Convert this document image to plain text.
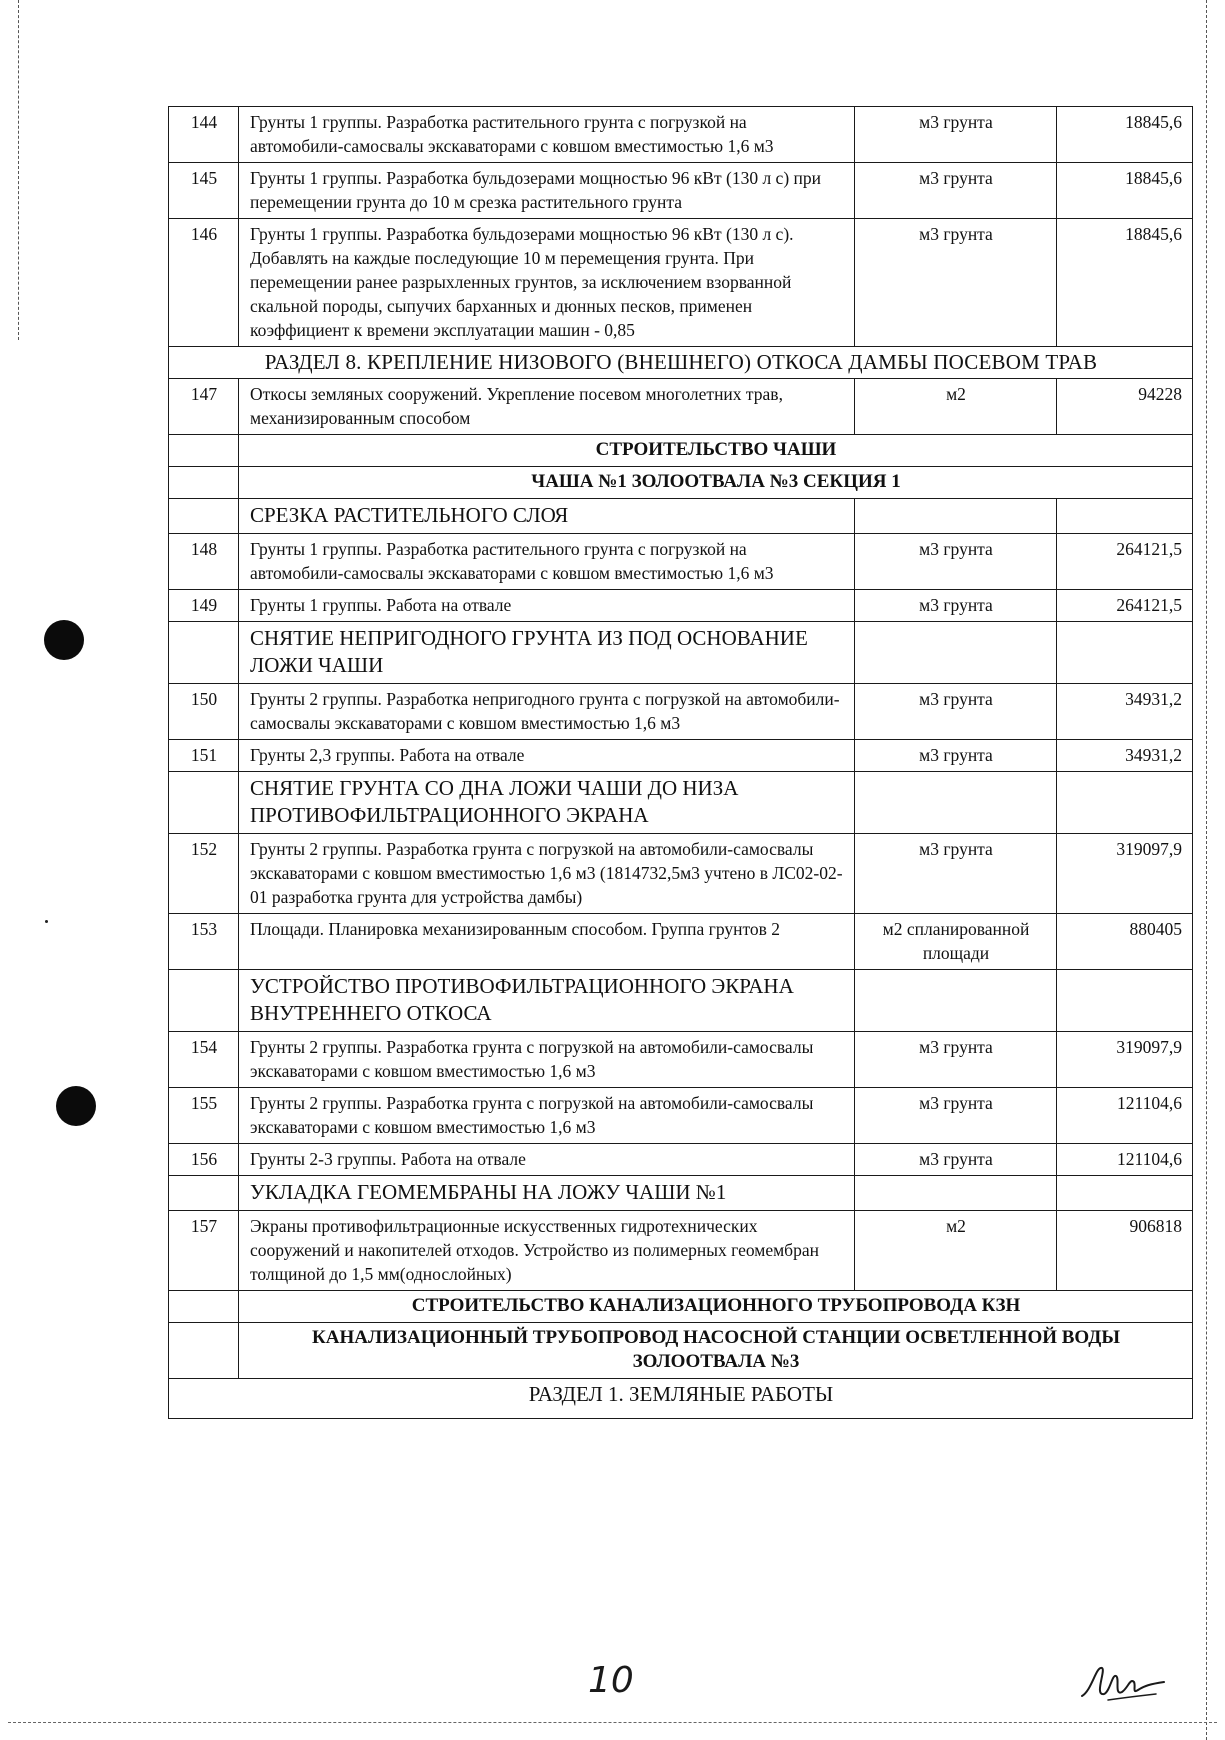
144	Грунты 1 группы. Разработка растительного грунта с погрузкой на автомобили-самосвалы экскаваторами с ковшом вместимостью 1,6 м3	м3 грунта	18845,6
145	Грунты 1 группы. Разработка бульдозерами мощностью 96 кВт (130 л с) при перемещении грунта до 10 м срезка растительного грунта	м3 грунта	18845,6
146	Грунты 1 группы. Разработка бульдозерами мощностью 96 кВт (130 л с). Добавлять на каждые последующие 10 м перемещения грунта. При перемещении ранее разрыхленных грунтов, за исключением взорванной скальной породы, сыпучих барханных и дюнных песков, применен коэффициент к времени эксплуатации машин - 0,85	м3 грунта	18845,6
РАЗДЕЛ 8. КРЕПЛЕНИЕ НИЗОВОГО (ВНЕШНЕГО) ОТКОСА ДАМБЫ ПОСЕВОМ ТРАВ			
147	Откосы земляных сооружений. Укрепление посевом многолетних трав, механизированным способом	м2	94228
	СТРОИТЕЛЬСТВО ЧАШИ		
	ЧАША №1 ЗОЛООТВАЛА №3 СЕКЦИЯ 1		
	СРЕЗКА РАСТИТЕЛЬНОГО СЛОЯ		
148	Грунты 1 группы. Разработка растительного грунта с погрузкой на автомобили-самосвалы экскаваторами с ковшом вместимостью 1,6 м3	м3 грунта	264121,5
149	Грунты 1 группы. Работа на отвале	м3 грунта	264121,5
	СНЯТИЕ НЕПРИГОДНОГО ГРУНТА ИЗ ПОД ОСНОВАНИЕ ЛОЖИ ЧАШИ		
150	Грунты 2 группы. Разработка непригодного грунта с погрузкой на автомобили-самосвалы экскаваторами с ковшом вместимостью 1,6 м3	м3 грунта	34931,2
151	Грунты 2,3 группы. Работа на отвале	м3 грунта	34931,2
	СНЯТИЕ ГРУНТА СО ДНА ЛОЖИ ЧАШИ ДО НИЗА ПРОТИВОФИЛЬТРАЦИОННОГО ЭКРАНА		
152	Грунты 2 группы. Разработка грунта с погрузкой на автомобили-самосвалы экскаваторами с ковшом вместимостью 1,6 м3 (1814732,5м3 учтено в ЛС02-02-01 разработка грунта для устройства дамбы)	м3 грунта	319097,9
153	Площади. Планировка механизированным способом. Группа грунтов 2	м2 спланированной площади	880405
	УСТРОЙСТВО ПРОТИВОФИЛЬТРАЦИОННОГО ЭКРАНА ВНУТРЕННЕГО ОТКОСА		
154	Грунты 2 группы. Разработка грунта с погрузкой на автомобили-самосвалы экскаваторами с ковшом вместимостью 1,6 м3	м3 грунта	319097,9
155	Грунты 2 группы. Разработка грунта с погрузкой на автомобили-самосвалы экскаваторами с ковшом вместимостью 1,6 м3	м3 грунта	121104,6
156	Грунты 2-3 группы. Работа на отвале	м3 грунта	121104,6
	УКЛАДКА ГЕОМЕМБРАНЫ НА ЛОЖУ ЧАШИ №1		
157	Экраны противофильтрационные искусственных гидротехнических сооружений и накопителей отходов. Устройство из полимерных геомембран толщиной до 1,5 мм(однослойных)	м2	906818
	СТРОИТЕЛЬСТВО КАНАЛИЗАЦИОННОГО ТРУБОПРОВОДА КЗН		
	КАНАЛИЗАЦИОННЫЙ ТРУБОПРОВОД НАСОСНОЙ СТАНЦИИ ОСВЕТЛЕННОЙ ВОДЫ ЗОЛООТВАЛА №3		
РАЗДЕЛ 1. ЗЕМЛЯНЫЕ РАБОТЫ			
10
